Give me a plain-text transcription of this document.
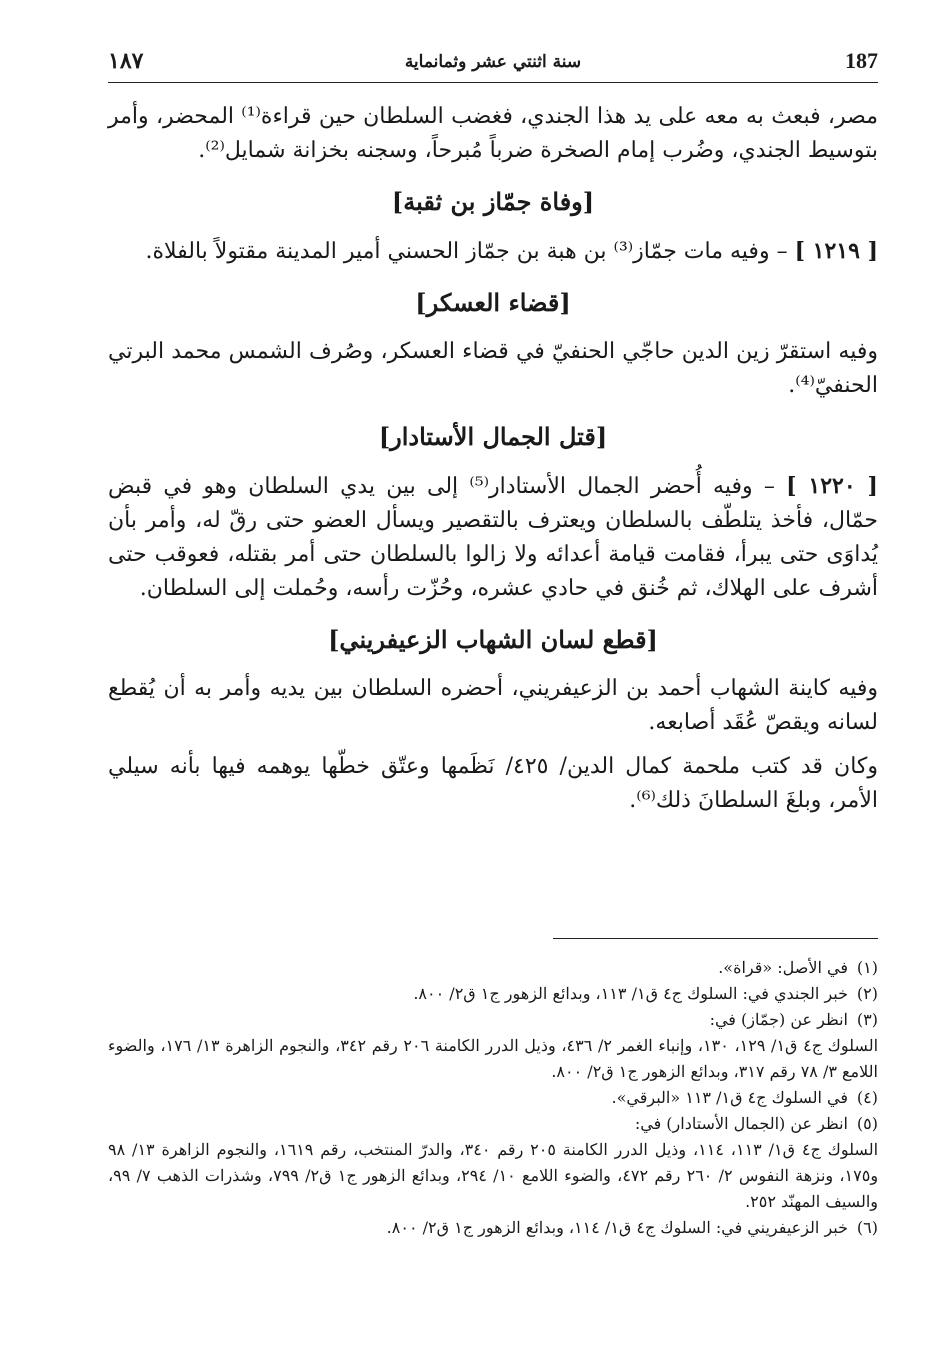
١٨٧	سنة اثنتي عشر وثمانماية	187

مصر، فبعث به معه على يد هذا الجندي، فغضب السلطان حين قراءة⁽¹⁾ المحضر، وأمر بتوسيط الجندي، وضُرب إمام الصخرة ضرباً مُبرحاً، وسجنه بخزانة شمايل⁽²⁾.

[وفاة جمّاز بن ثقبة]

[ ١٢١٩ ] – وفيه مات جمّاز⁽³⁾ بن هبة بن جمّاز الحسني أمير المدينة مقتولاً بالفلاة.

[قضاء العسكر]

وفيه استقرّ زين الدين حاجّي الحنفيّ في قضاء العسكر، وصُرف الشمس محمد البرتي الحنفيّ⁽⁴⁾.

[قتل الجمال الأستادار]

[ ١٢٢٠ ] – وفيه أُحضر الجمال الأستادار⁽⁵⁾ إلى بين يدي السلطان وهو في قبض حمّال، فأخذ يتلطّف بالسلطان ويعترف بالتقصير ويسأل العضو حتى رقّ له، وأمر بأن يُداوَى حتى يبرأ، فقامت قيامة أعدائه ولا زالوا بالسلطان حتى أمر بقتله، فعوقب حتى أشرف على الهلاك، ثم خُنق في حادي عشره، وحُزّت رأسه، وحُملت إلى السلطان.

[قطع لسان الشهاب الزعيفريني]

وفيه كاينة الشهاب أحمد بن الزعيفريني، أحضره السلطان بين يديه وأمر به أن يُقطع لسانه ويقصّ عُقَد أصابعه.

وكان قد كتب ملحمة كمال الدين/ ٤٢٥/ نَظَمها وعتّق خطّها يوهمه فيها بأنه سيلي الأمر، وبلغَ السلطانَ ذلك⁽⁶⁾.

(١)في الأصل: «قراة».

(٢)خبر الجندي في: السلوك ج٤ ق١/ ١١٣، وبدائع الزهور ج١ ق٢/ ٨٠٠.

(٣)انظر عن (جمّاز) في:

السلوك ج٤ ق١/ ١٢٩، ١٣٠، وإنباء الغمر ٢/ ٤٣٦، وذيل الدرر الكامنة ٢٠٦ رقم ٣٤٢، والنجوم الزاهرة ١٣/ ١٧٦، والضوء اللامع ٣/ ٧٨ رقم ٣١٧، وبدائع الزهور ج١ ق٢/ ٨٠٠.

(٤)في السلوك ج٤ ق١/ ١١٣ «البرقي».

(٥)انظر عن (الجمال الأستادار) في:

السلوك ج٤ ق١/ ١١٣، ١١٤، وذيل الدرر الكامنة ٢٠٥ رقم ٣٤٠، والدرّ المنتخب، رقم ١٦١٩، والنجوم الزاهرة ١٣/ ٩٨ و١٧٥، ونزهة النفوس ٢/ ٢٦٠ رقم ٤٧٢، والضوء اللامع ١٠/ ٢٩٤، وبدائع الزهور ج١ ق٢/ ٧٩٩، وشذرات الذهب ٧/ ٩٩، والسيف المهنّد ٢٥٢.

(٦)خبر الزعيفريني في: السلوك ج٤ ق١/ ١١٤، وبدائع الزهور ج١ ق٢/ ٨٠٠.
